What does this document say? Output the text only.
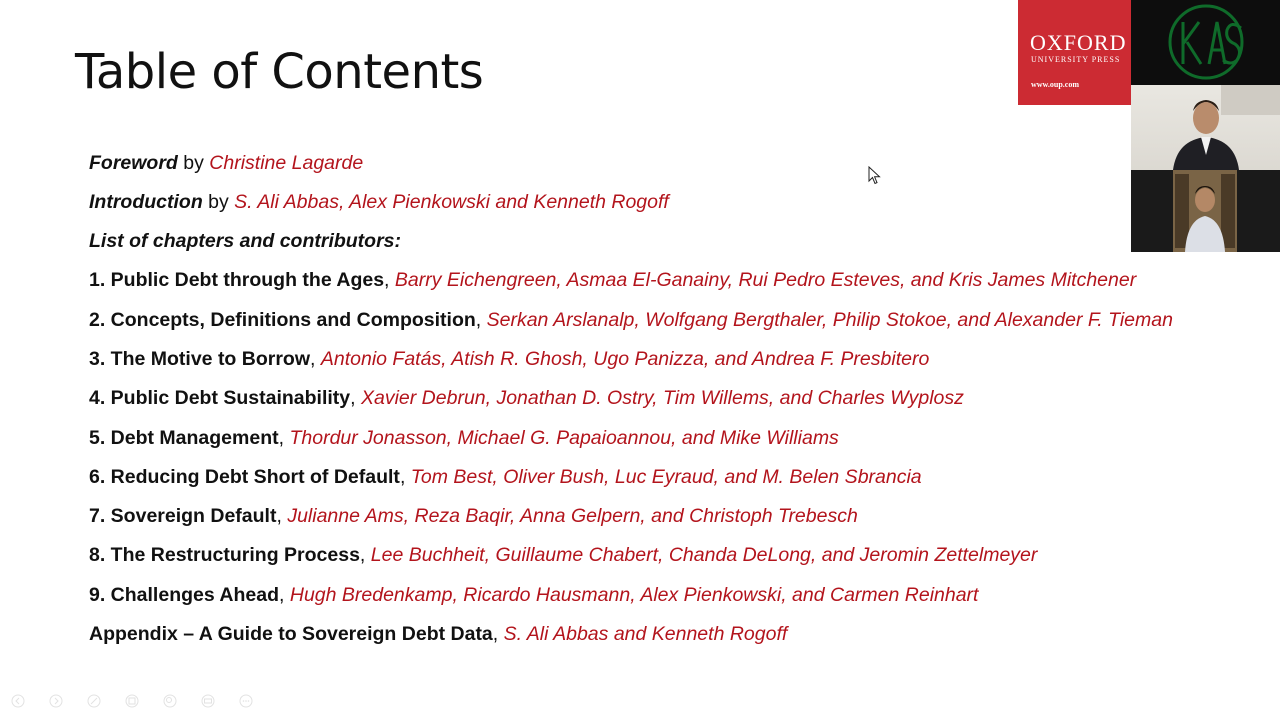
Table of Contents
Foreword by Christine Lagarde
Introduction by S. Ali Abbas, Alex Pienkowski and Kenneth Rogoff
List of chapters and contributors:
1. Public Debt through the Ages, Barry Eichengreen, Asmaa El-Ganainy, Rui Pedro Esteves, and Kris James Mitchener
2. Concepts, Definitions and Composition, Serkan Arslanalp, Wolfgang Bergthaler, Philip Stokoe, and Alexander F. Tieman
3. The Motive to Borrow, Antonio Fatás, Atish R. Ghosh, Ugo Panizza, and Andrea F. Presbitero
4. Public Debt Sustainability, Xavier Debrun, Jonathan D. Ostry, Tim Willems, and Charles Wyplosz
5. Debt Management, Thordur Jonasson, Michael G. Papaioannou, and Mike Williams
6. Reducing Debt Short of Default, Tom Best, Oliver Bush, Luc Eyraud, and M. Belen Sbrancia
7. Sovereign Default, Julianne Ams, Reza Baqir, Anna Gelpern, and Christoph Trebesch
8. The Restructuring Process, Lee Buchheit, Guillaume Chabert, Chanda DeLong, and Jeromin Zettelmeyer
9. Challenges Ahead, Hugh Bredenkamp, Ricardo Hausmann, Alex Pienkowski, and Carmen Reinhart
Appendix – A Guide to Sovereign Debt Data, S. Ali Abbas and Kenneth Rogoff
OXFORD
UNIVERSITY PRESS
www.oup.com
